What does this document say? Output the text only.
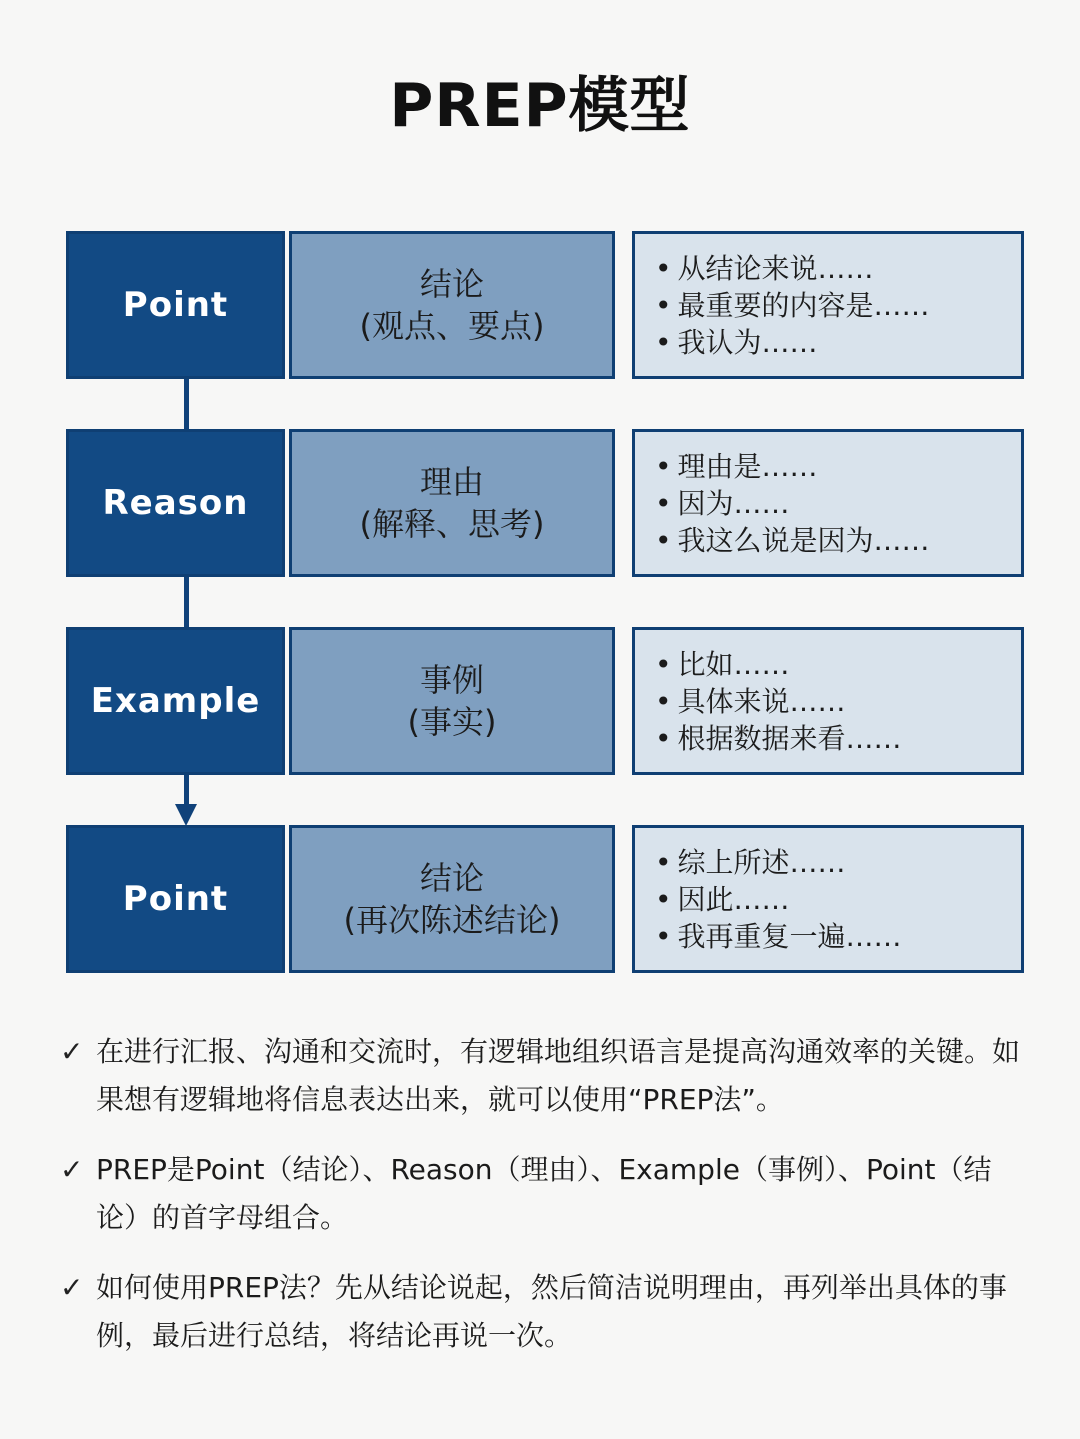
PREP模型
Point
结论
(观点、要点)
• 从结论来说……
• 最重要的内容是……
• 我认为……
Reason
理由
(解释、思考)
• 理由是……
• 因为……
• 我这么说是因为……
Example
事例
(事实)
• 比如……
• 具体来说……
• 根据数据来看……
Point
结论
(再次陈述结论)
• 综上所述……
• 因此……
• 我再重复一遍……
✓ 在进行汇报、沟通和交流时，有逻辑地组织语言是提高沟通效率的关键。如果想有逻辑地将信息表达出来，就可以使用“PREP法”。
✓ PREP是Point（结论）、Reason（理由）、Example（事例）、Point（结论）的首字母组合。
✓ 如何使用PREP法？先从结论说起，然后简洁说明理由，再列举出具体的事例，最后进行总结，将结论再说一次。
